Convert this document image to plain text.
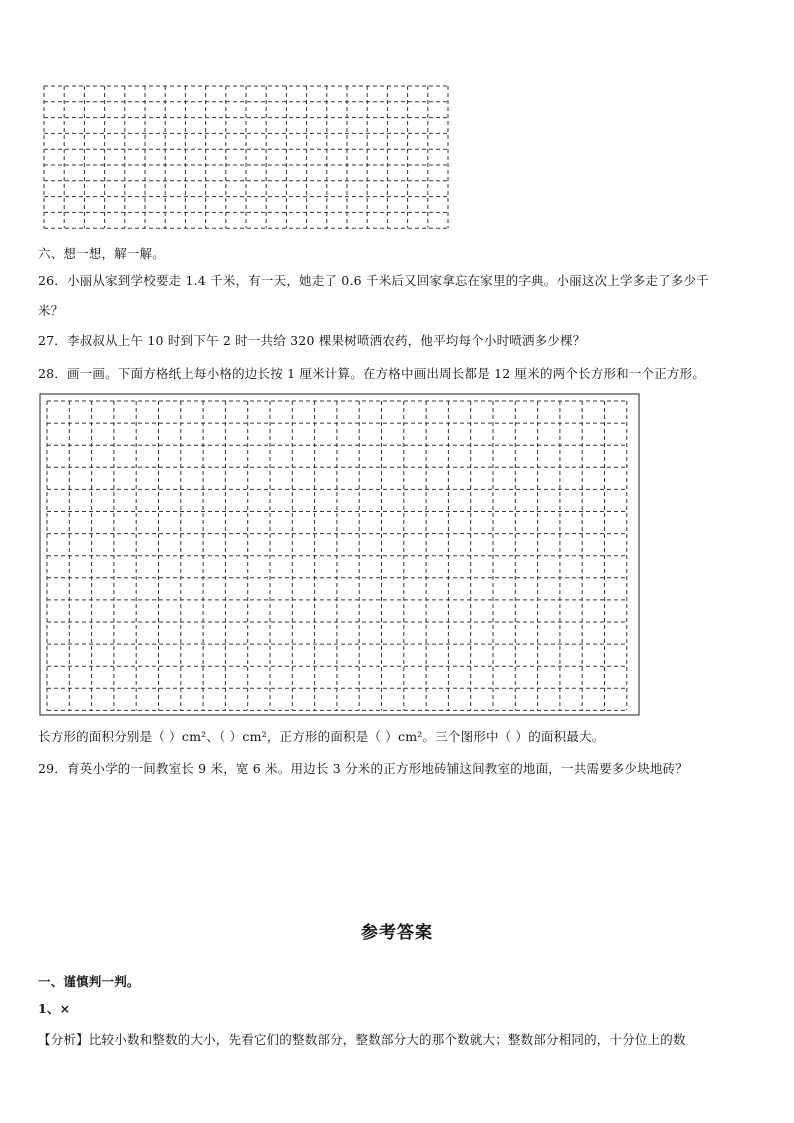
六、想一想，解一解。
26．小丽从家到学校要走 1.4 千米，有一天，她走了 0.6 千米后又回家拿忘在家里的字典。小丽这次上学多走了多少千
米？
27．李叔叔从上午 10 时到下午 2 时一共给 320 棵果树喷洒农药，他平均每个小时喷洒多少棵？
28．画一画。下面方格纸上每小格的边长按 1 厘米计算。在方格中画出周长都是 12 厘米的两个长方形和一个正方形。
长方形的面积分别是（ ）cm²、（ ）cm²，正方形的面积是（ ）cm²。三个图形中（ ）的面积最大。
29．育英小学的一间教室长 9 米，宽 6 米。用边长 3 分米的正方形地砖铺这间教室的地面，一共需要多少块地砖？
参考答案
一、谨慎判一判。
1、×
【分析】比较小数和整数的大小，先看它们的整数部分，整数部分大的那个数就大；整数部分相同的，十分位上的数
